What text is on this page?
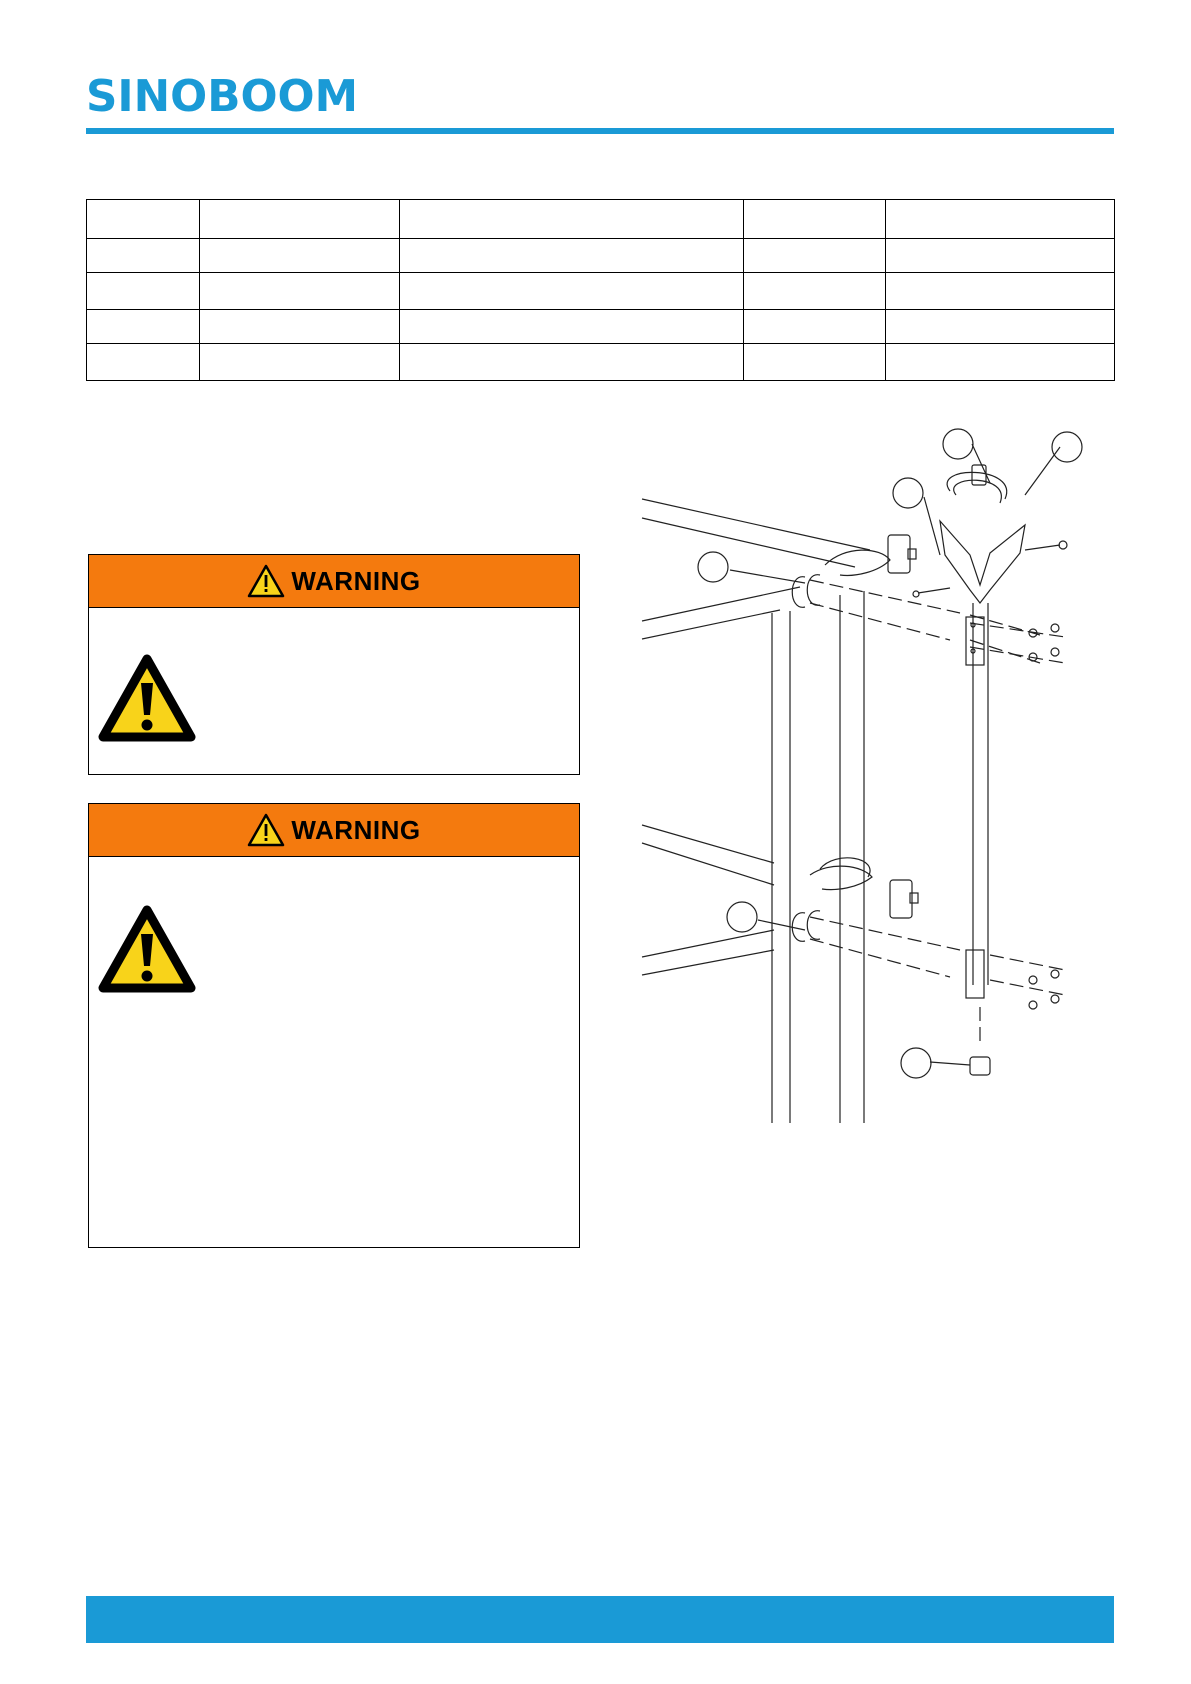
SINOBOOM

WARNING
WARNING
